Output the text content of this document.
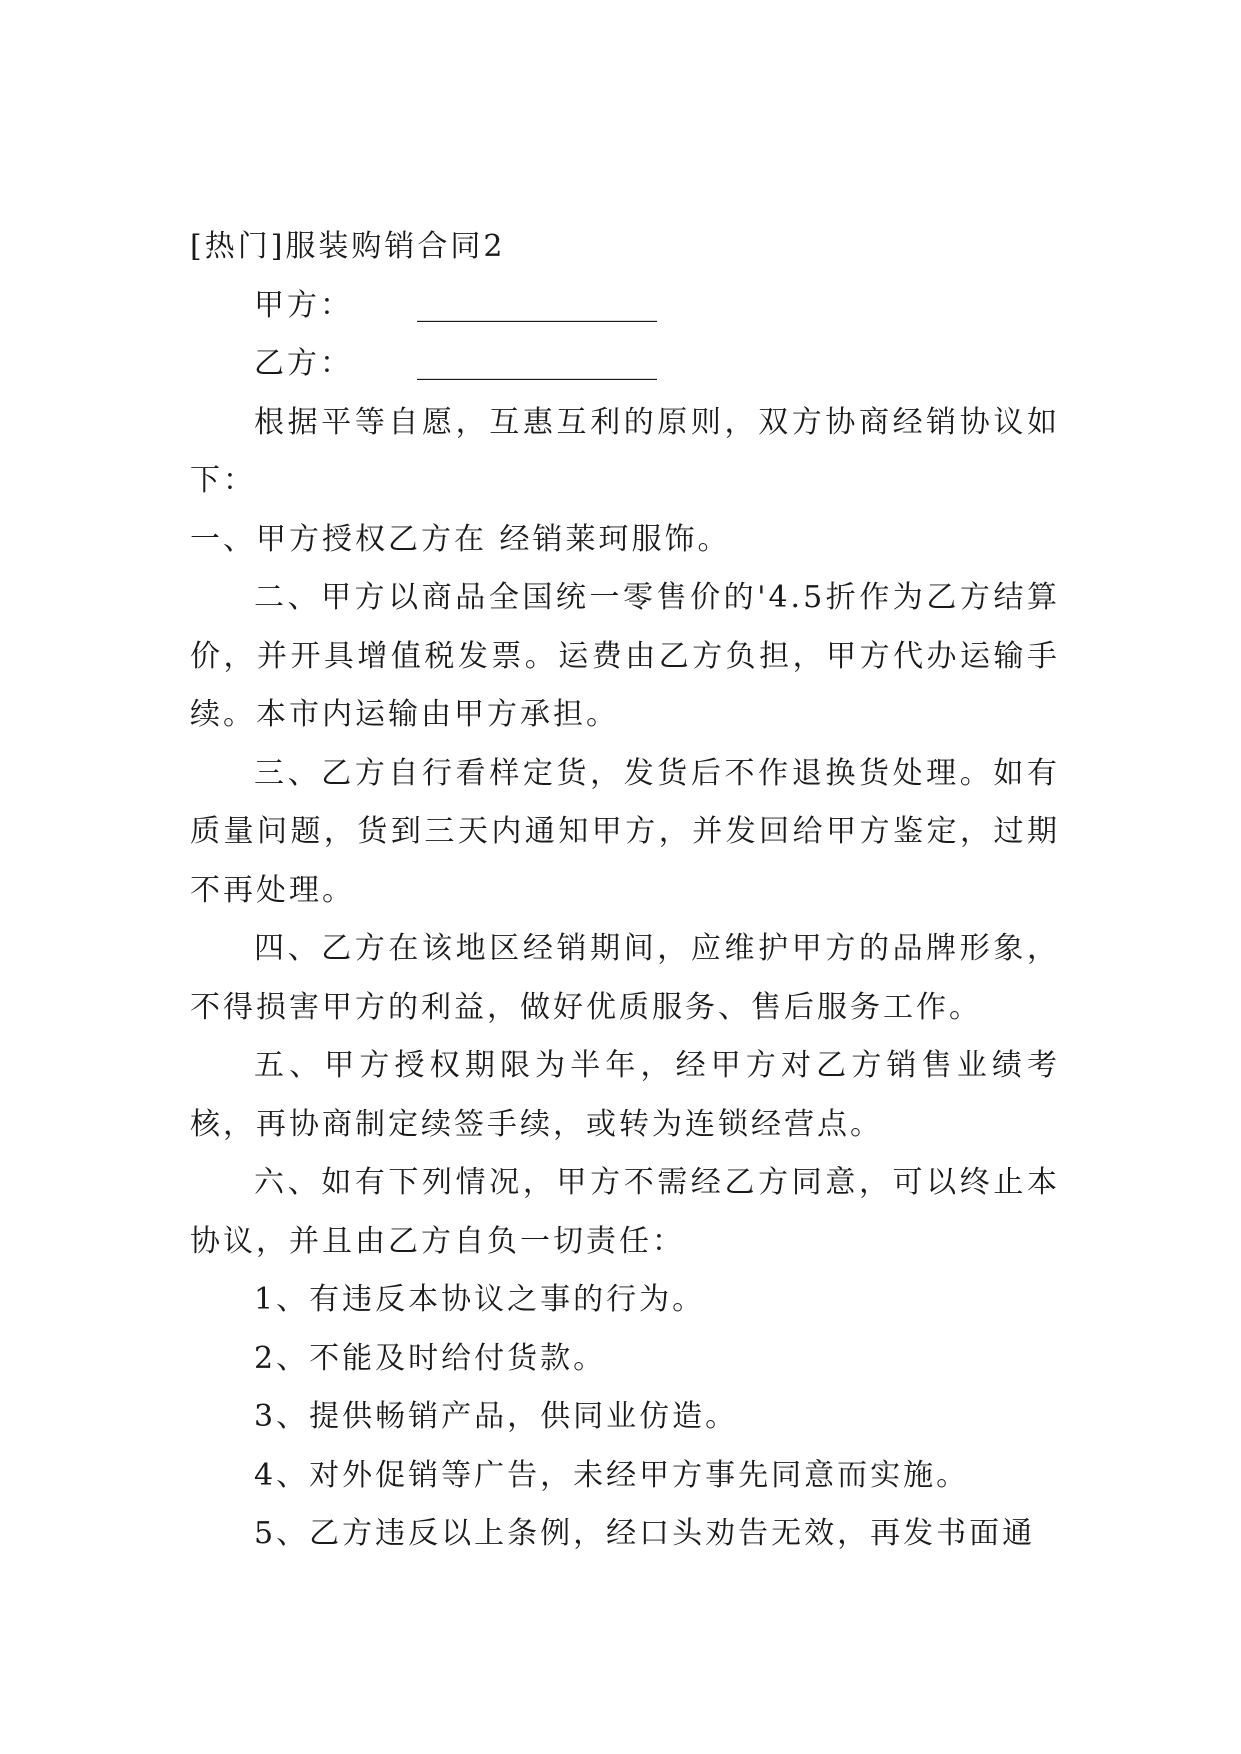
[热门]服装购销合同2

甲方： ________________

乙方： ________________

根据平等自愿，互惠互利的原则，双方协商经销协议如下：

一、甲方授权乙方在 经销莱珂服饰。

二、甲方以商品全国统一零售价的'4.5折作为乙方结算价，并开具增值税发票。运费由乙方负担，甲方代办运输手续。本市内运输由甲方承担。

三、乙方自行看样定货，发货后不作退换货处理。如有质量问题，货到三天内通知甲方，并发回给甲方鉴定，过期不再处理。

四、乙方在该地区经销期间，应维护甲方的品牌形象，不得损害甲方的利益，做好优质服务、售后服务工作。

五、甲方授权期限为半年，经甲方对乙方销售业绩考核，再协商制定续签手续，或转为连锁经营点。

六、如有下列情况，甲方不需经乙方同意，可以终止本协议，并且由乙方自负一切责任：

1、有违反本协议之事的行为。

2、不能及时给付货款。

3、提供畅销产品，供同业仿造。

4、对外促销等广告，未经甲方事先同意而实施。

5、乙方违反以上条例，经口头劝告无效，再发书面通
